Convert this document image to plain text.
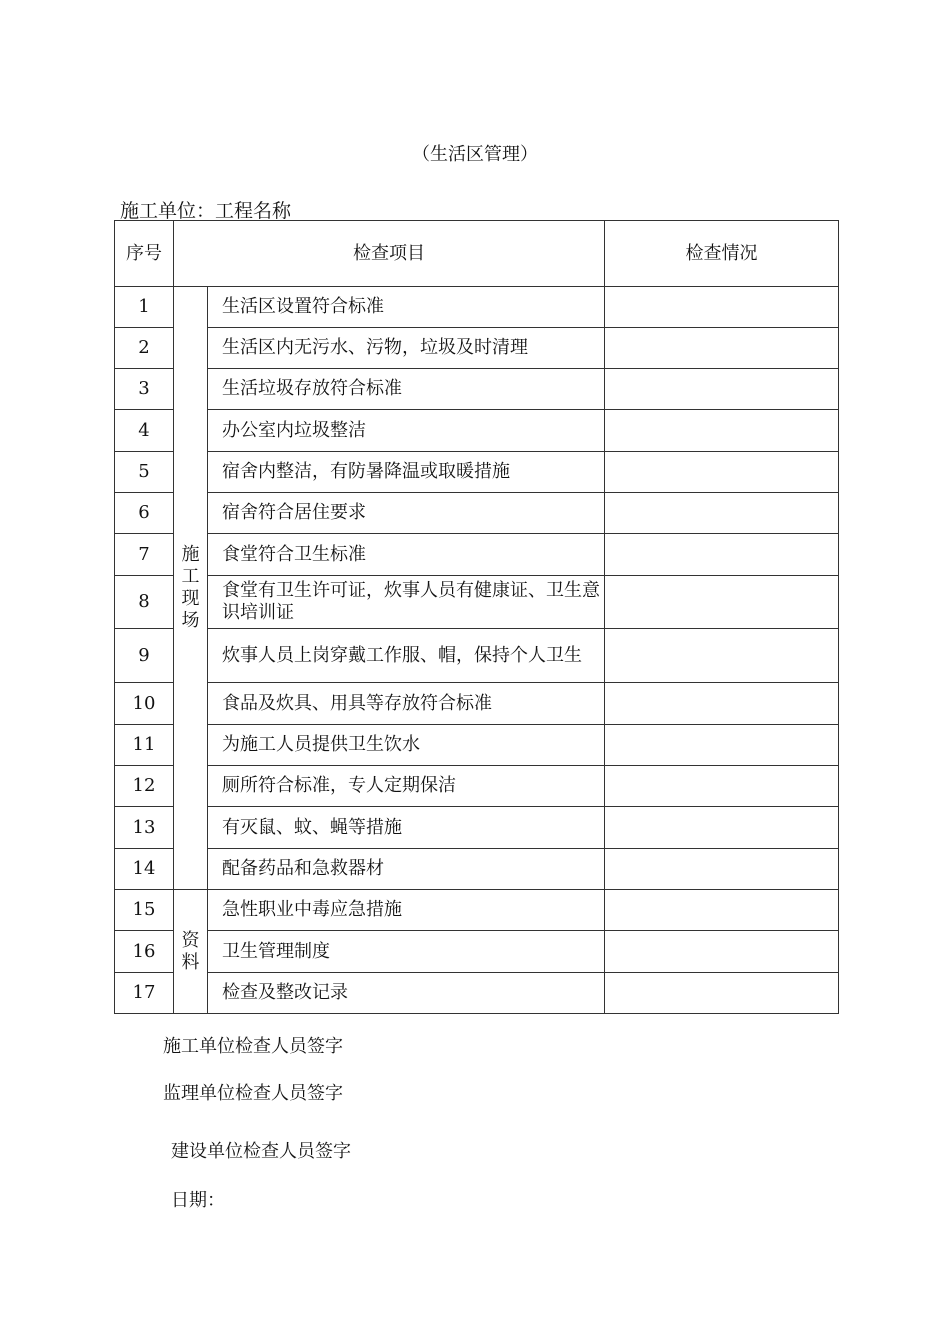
（生活区管理）
施工单位：工程名称
序号	检查项目		检查情况
1	施工现场	生活区设置符合标准	
2		生活区内无污水、污物，垃圾及时清理	
3		生活垃圾存放符合标准	
4		办公室内垃圾整洁	
5		宿舍内整洁，有防暑降温或取暖措施	
6		宿舍符合居住要求	
7		食堂符合卫生标准	
8		食堂有卫生许可证，炊事人员有健康证、卫生意识培训证	
9		炊事人员上岗穿戴工作服、帽，保持个人卫生	
10		食品及炊具、用具等存放符合标准	
11		为施工人员提供卫生饮水	
12		厕所符合标准，专人定期保洁	
13		有灭鼠、蚊、蝇等措施	
14		配备药品和急救器材	
15	资料	急性职业中毒应急措施	
16		卫生管理制度	
17		检查及整改记录	
施工单位检查人员签字
监理单位检查人员签字
建设单位检查人员签字
日期：
